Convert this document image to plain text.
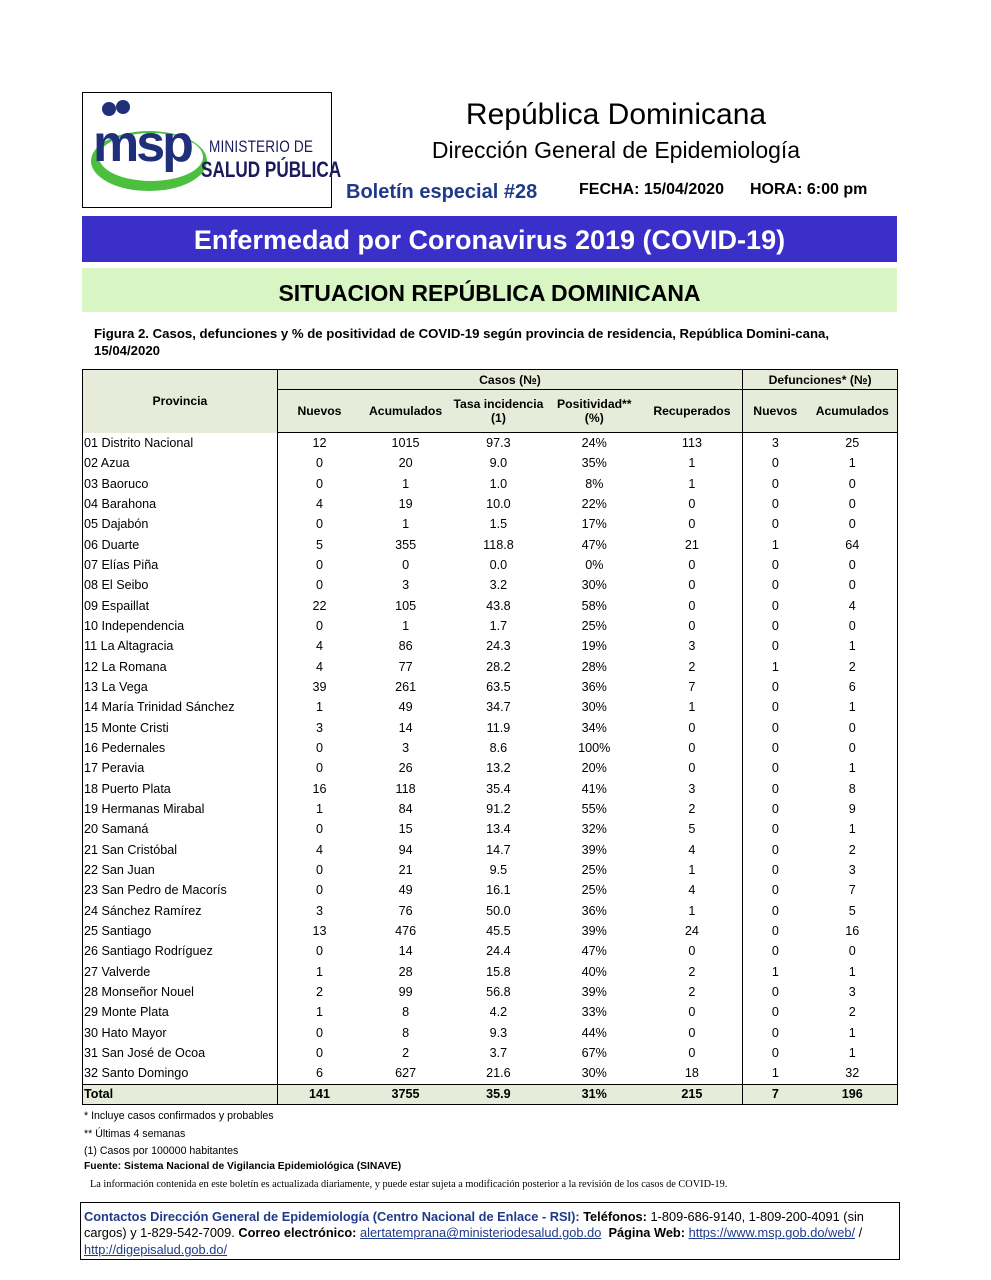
msp MINISTERIO DE
SALUD PÚBLICA
República Dominicana
Dirección General de Epidemiología
Boletín especial #28	FECHA: 15/04/2020 HORA: 6:00 pm
Enfermedad por Coronavirus 2019 (COVID-19)
SITUACION REPÚBLICA DOMINICANA
Figura 2. Casos, defunciones y % de positividad de COVID-19 según provincia de residencia, República Domini-cana, 15/04/2020
Provincia	Casos (№)					Defunciones* (№)	
	Nuevos	Acumulados	Tasa incidencia (1)	Positividad** (%)	Recuperados	Nuevos	Acumulados
01 Distrito Nacional	12	1015	97.3	24%	113	3	25
02 Azua	0	20	9.0	35%	1	0	1
03 Baoruco	0	1	1.0	8%	1	0	0
04 Barahona	4	19	10.0	22%	0	0	0
05 Dajabón	0	1	1.5	17%	0	0	0
06 Duarte	5	355	118.8	47%	21	1	64
07 Elías Piña	0	0	0.0	0%	0	0	0
08 El Seibo	0	3	3.2	30%	0	0	0
09 Espaillat	22	105	43.8	58%	0	0	4
10 Independencia	0	1	1.7	25%	0	0	0
11 La Altagracia	4	86	24.3	19%	3	0	1
12 La Romana	4	77	28.2	28%	2	1	2
13 La Vega	39	261	63.5	36%	7	0	6
14 María Trinidad Sánchez	1	49	34.7	30%	1	0	1
15 Monte Cristi	3	14	11.9	34%	0	0	0
16 Pedernales	0	3	8.6	100%	0	0	0
17 Peravia	0	26	13.2	20%	0	0	1
18 Puerto Plata	16	118	35.4	41%	3	0	8
19 Hermanas Mirabal	1	84	91.2	55%	2	0	9
20 Samaná	0	15	13.4	32%	5	0	1
21 San Cristóbal	4	94	14.7	39%	4	0	2
22 San Juan	0	21	9.5	25%	1	0	3
23 San Pedro de Macorís	0	49	16.1	25%	4	0	7
24 Sánchez Ramírez	3	76	50.0	36%	1	0	5
25 Santiago	13	476	45.5	39%	24	0	16
26 Santiago Rodríguez	0	14	24.4	47%	0	0	0
27 Valverde	1	28	15.8	40%	2	1	1
28 Monseñor Nouel	2	99	56.8	39%	2	0	3
29 Monte Plata	1	8	4.2	33%	0	0	2
30 Hato Mayor	0	8	9.3	44%	0	0	1
31 San José de Ocoa	0	2	3.7	67%	0	0	1
32 Santo Domingo	6	627	21.6	30%	18	1	32
Total	141	3755	35.9	31%	215	7	196
* Incluye casos confirmados y probables
** Últimas 4 semanas
(1) Casos por 100000 habitantes
Fuente: Sistema Nacional de Vigilancia Epidemiológica (SINAVE)
La información contenida en este boletín es actualizada diariamente, y puede estar sujeta a modificación posterior a la revisión de los casos de COVID-19.
Contactos Dirección General de Epidemiología (Centro Nacional de Enlace - RSI): Teléfonos: 1-809-686-9140, 1-809-200-4091 (sin cargos) y 1-829-542-7009. Correo electrónico: alertatemprana@ministeriodesalud.gob.do Página Web: https://www.msp.gob.do/web/ / http://digepisalud.gob.do/
